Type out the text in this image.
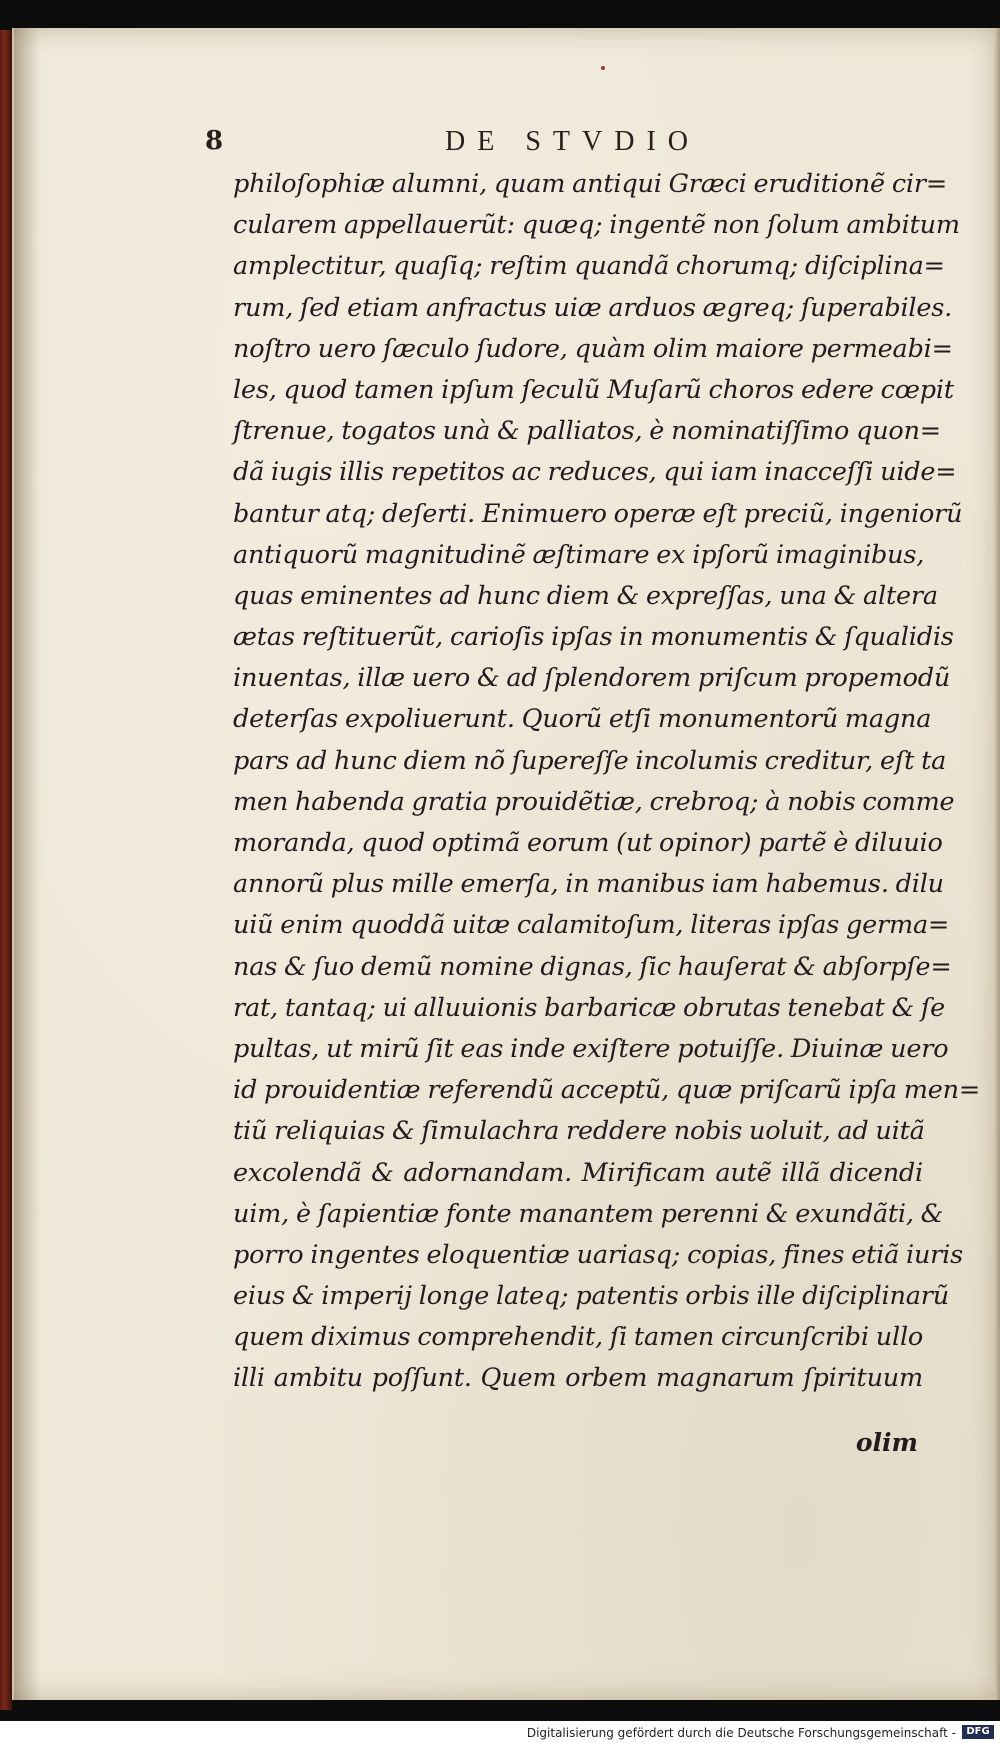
8	DE STVDIO
philoſophiæ alumni, quam antiqui Græci eruditionẽ cir=
cularem appellauerũt: quæq; ingentẽ non ſolum ambitum
amplectitur, quaſiq; reſtim quandã chorumq; diſciplina=
rum, ſed etiam anfractus uiæ arduos ægreq; ſuperabiles.
noſtro uero ſæculo ſudore, quàm olim maiore permeabi=
les, quod tamen ipſum ſeculũ Muſarũ choros edere cœpit
ſtrenue, togatos unà & palliatos, è nominatiſſimo quon=
dã iugis illis repetitos ac reduces, qui iam inacceſſi uide=
bantur atq; deſerti. Enimuero operæ eſt preciũ, ingeniorũ
antiquorũ magnitudinẽ æſtimare ex ipſorũ imaginibus,
quas eminentes ad hunc diem & expreſſas, una & altera
ætas reſtituerũt, carioſis ipſas in monumentis & ſqualidis
inuentas, illæ uero & ad ſplendorem priſcum propemodũ
deterſas expoliuerunt. Quorũ etſi monumentorũ magna
pars ad hunc diem nõ ſupereſſe incolumis creditur, eſt ta
men habenda gratia prouidẽtiæ, crebroq; à nobis comme
moranda, quod optimã eorum (ut opinor) partẽ è diluuio
annorũ plus mille emerſa, in manibus iam habemus. dilu
uiũ enim quoddã uitæ calamitoſum, literas ipſas germa=
nas & ſuo demũ nomine dignas, ſic hauſerat & abſorpſe=
rat, tantaq; ui alluuionis barbaricæ obrutas tenebat & ſe
pultas, ut mirũ ſit eas inde exiſtere potuiſſe. Diuinæ uero
id prouidentiæ referendũ acceptũ, quæ priſcarũ ipſa men=
tiũ reliquias & ſimulachra reddere nobis uoluit, ad uitã
excolendã & adornandam. Mirificam autẽ illã dicendi
uim, è ſapientiæ fonte manantem perenni & exundãti, &
porro ingentes eloquentiæ uariasq; copias, fines etiã iuris
eius & imperij longe lateq; patentis orbis ille diſciplinarũ
quem diximus comprehendit, ſi tamen circunſcribi ullo
illi ambitu poſſunt. Quem orbem magnarum ſpirituum
olim
Digitalisierung gefördert durch die Deutsche Forschungsgemeinschaft -	DFG
